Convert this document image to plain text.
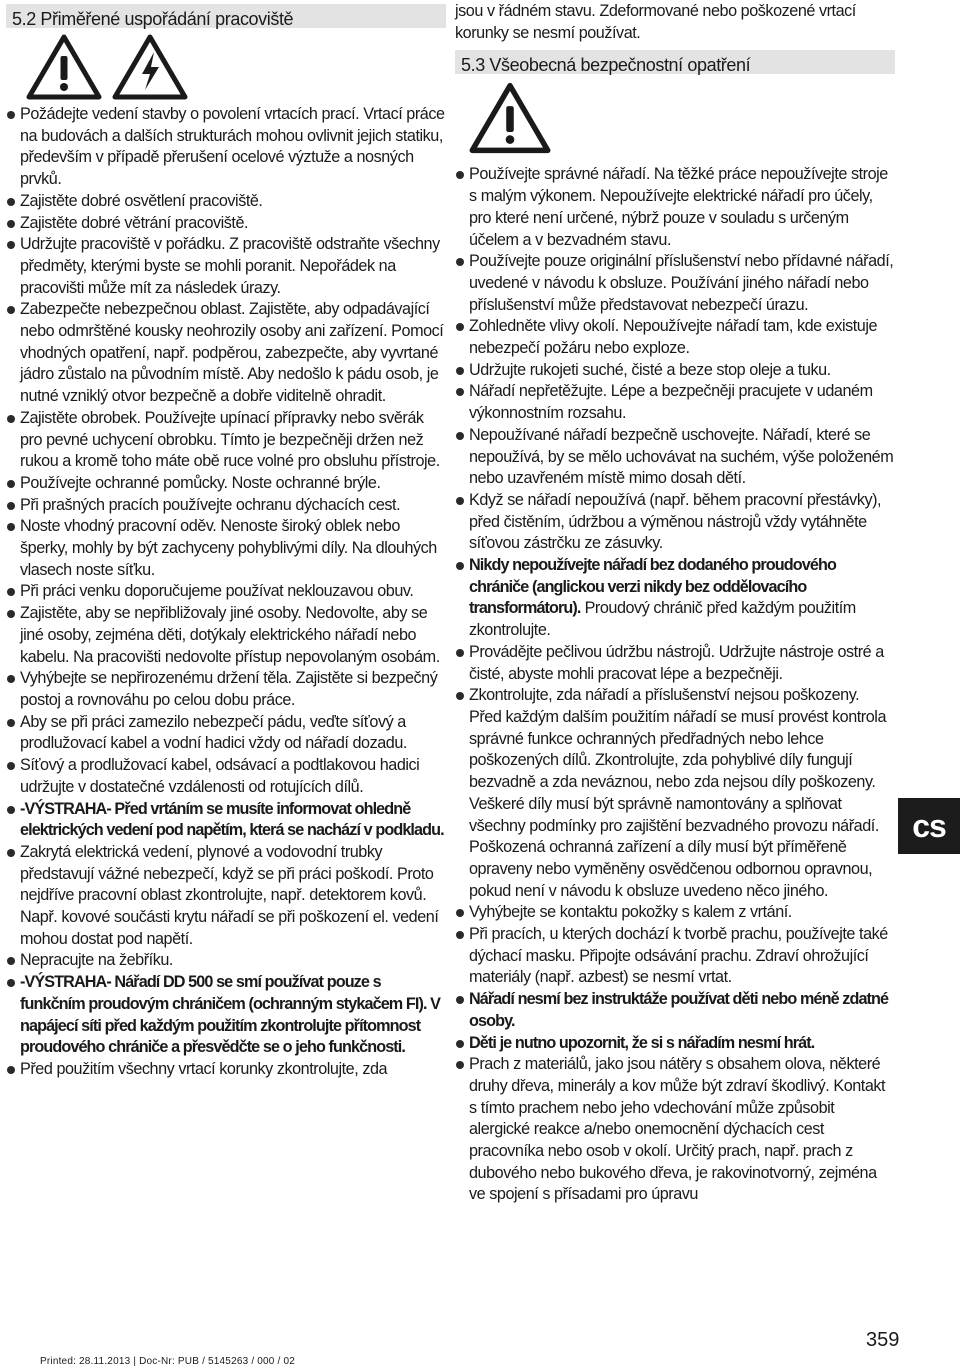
5.2 Přiměřené uspořádání pracoviště
Požádejte vedení stavby o povolení vrtacích prací. Vrtací práce na budovách a dalších strukturách mohou ovlivnit jejich statiku, především v případě přerušení ocelové výztuže a nosných prvků.
Zajistěte dobré osvětlení pracoviště.
Zajistěte dobré větrání pracoviště.
Udržujte pracoviště v pořádku. Z pracoviště odstraňte všechny předměty, kterými byste se mohli poranit. Nepořádek na pracovišti může mít za následek úrazy.
Zabezpečte nebezpečnou oblast. Zajistěte, aby odpadávající nebo odmrštěné kousky neohrozily osoby ani zařízení. Pomocí vhodných opatření, např. podpěrou, zabezpečte, aby vyvrtané jádro zůstalo na původním místě. Aby nedošlo k pádu osob, je nutné vzniklý otvor bezpečně a dobře viditelně ohradit.
Zajistěte obrobek. Používejte upínací přípravky nebo svěrák pro pevné uchycení obrobku. Tímto je bezpečněji držen než rukou a kromě toho máte obě ruce volné pro obsluhu přístroje.
Používejte ochranné pomůcky. Noste ochranné brýle.
Při prašných pracích používejte ochranu dýchacích cest.
Noste vhodný pracovní oděv. Nenoste široký oblek nebo šperky, mohly by být zachyceny pohyblivými díly. Na dlouhých vlasech noste síťku.
Při práci venku doporučujeme používat neklouzavou obuv.
Zajistěte, aby se nepřibližovaly jiné osoby. Nedovolte, aby se jiné osoby, zejména děti, dotýkaly elektrického nářadí nebo kabelu. Na pracovišti nedovolte přístup nepovolaným osobám.
Vyhýbejte se nepřirozenému držení těla. Zajistěte si bezpečný postoj a rovnováhu po celou dobu práce.
Aby se při práci zamezilo nebezpečí pádu, veďte síťový a prodlužovací kabel a vodní hadici vždy od nářadí dozadu.
Síťový a prodlužovací kabel, odsávací a podtlakovou hadici udržujte v dostatečné vzdálenosti od rotujících dílů.
-VÝSTRAHA- Před vrtáním se musíte informovat ohledně elektrických vedení pod napětím, která se nachází v podkladu.
Zakrytá elektrická vedení, plynové a vodovodní trubky představují vážné nebezpečí, když se při práci poškodí. Proto nejdříve pracovní oblast zkontrolujte, např. detektorem kovů. Např. kovové součásti krytu nářadí se při poškození el. vedení mohou dostat pod napětí.
Nepracujte na žebříku.
-VÝSTRAHA- Nářadí DD 500 se smí používat pouze s funkčním proudovým chráničem (ochranným stykačem FI). V napájecí síti před každým použitím zkontrolujte přítomnost proudového chrániče a přesvědčte se o jeho funkčnosti.
Před použitím všechny vrtací korunky zkontrolujte, zda
jsou v řádném stavu. Zdeformované nebo poškozené vrtací korunky se nesmí používat.
5.3 Všeobecná bezpečnostní opatření
Používejte správné nářadí. Na těžké práce nepoužívejte stroje s malým výkonem. Nepoužívejte elektrické nářadí pro účely, pro které není určené, nýbrž pouze v souladu s určeným účelem a v bezvadném stavu.
Používejte pouze originální příslušenství nebo přídavné nářadí, uvedené v návodu k obsluze. Používání jiného nářadí nebo příslušenství může představovat nebezpečí úrazu.
Zohledněte vlivy okolí. Nepoužívejte nářadí tam, kde existuje nebezpečí požáru nebo exploze.
Udržujte rukojeti suché, čisté a beze stop oleje a tuku.
Nářadí nepřetěžujte. Lépe a bezpečněji pracujete v udaném výkonnostním rozsahu.
Nepoužívané nářadí bezpečně uschovejte. Nářadí, které se nepoužívá, by se mělo uchovávat na suchém, výše položeném nebo uzavřeném místě mimo dosah dětí.
Když se nářadí nepoužívá (např. během pracovní přestávky), před čistěním, údržbou a výměnou nástrojů vždy vytáhněte síťovou zástrčku ze zásuvky.
Nikdy nepoužívejte nářadí bez dodaného proudového chrániče (anglickou verzi nikdy bez oddělovacího transformátoru). Proudový chránič před každým použitím zkontrolujte.
Provádějte pečlivou údržbu nástrojů. Udržujte nástroje ostré a čisté, abyste mohli pracovat lépe a bezpečněji.
Zkontrolujte, zda nářadí a příslušenství nejsou poškozeny. Před každým dalším použitím nářadí se musí provést kontrola správné funkce ochranných předřadných nebo lehce poškozených dílů. Zkontrolujte, zda pohyblivé díly fungují bezvadně a zda neváznou, nebo zda nejsou díly poškozeny. Veškeré díly musí být správně namontovány a splňovat všechny podmínky pro zajištění bezvadného provozu nářadí. Poškozená ochranná zařízení a díly musí být příměřeně opraveny nebo vyměněny osvědčenou odbornou opravnou, pokud není v návodu k obsluze uvedeno něco jiného.
Vyhýbejte se kontaktu pokožky s kalem z vrtání.
Při pracích, u kterých dochází k tvorbě prachu, používejte také dýchací masku. Připojte odsávání prachu. Zdraví ohrožující materiály (např. azbest) se nesmí vrtat.
Nářadí nesmí bez instruktáže používat děti nebo méně zdatné osoby.
Děti je nutno upozornit, že si s nářadím nesmí hrát.
Prach z materiálů, jako jsou nátěry s obsahem olova, některé druhy dřeva, minerály a kov může být zdraví škodlivý. Kontakt s tímto prachem nebo jeho vdechování může způsobit alergické reakce a/nebo onemocnění dýchacích cest pracovníka nebo osob v okolí. Určitý prach, např. prach z dubového nebo bukového dřeva, je rakovinotvorný, zejména ve spojení s přísadami pro úpravu
cs
359
Printed: 28.11.2013 | Doc-Nr: PUB / 5145263 / 000 / 02
